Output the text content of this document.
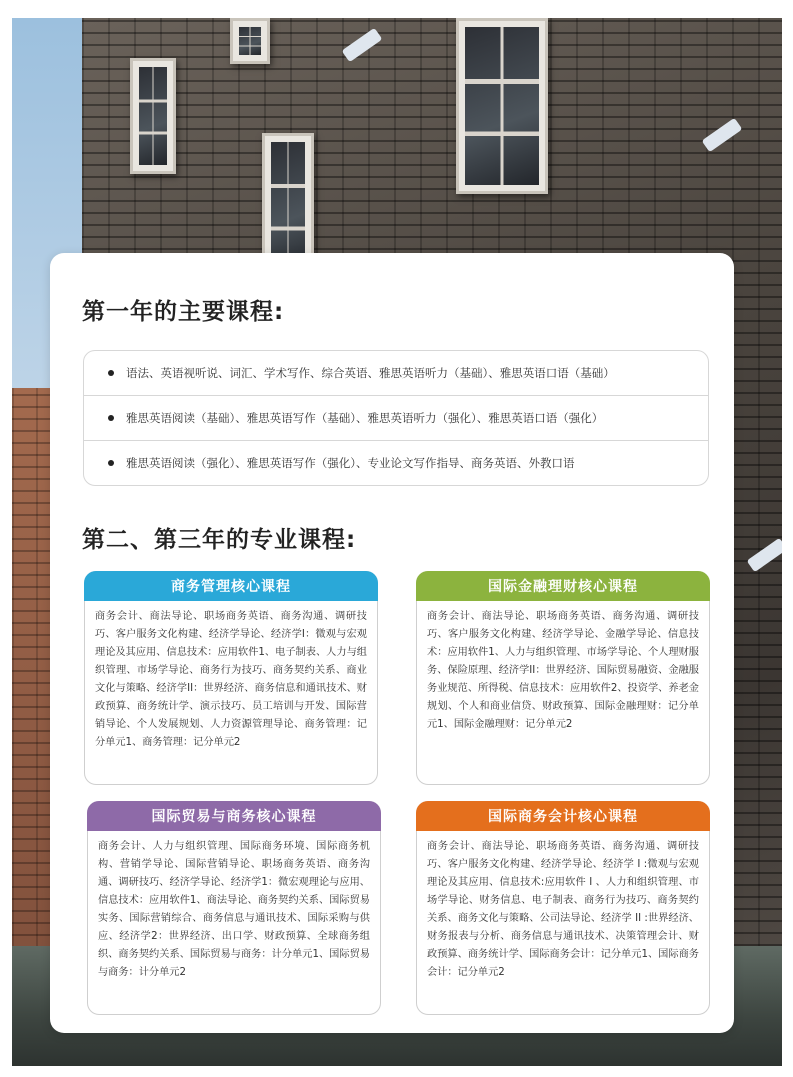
第一年的主要课程:
语法、英语视听说、词汇、学术写作、综合英语、雅思英语听力（基础）、雅思英语口语（基础）
雅思英语阅读（基础）、雅思英语写作（基础）、雅思英语听力（强化）、雅思英语口语（强化）
雅思英语阅读（强化）、雅思英语写作（强化）、专业论文写作指导、商务英语、外教口语
第二、第三年的专业课程:
商务管理核心课程
商务会计、商法导论、职场商务英语、商务沟通、调研技巧、客户服务文化构建、经济学导论、经济学I：微观与宏观理论及其应用、信息技术：应用软件1、电子制表、人力与组织管理、市场学导论、商务行为技巧、商务契约关系、商业文化与策略、经济学II：世界经济、商务信息和通讯技术、财政预算、商务统计学、演示技巧、员工培训与开发、国际营销导论、个人发展规划、人力资源管理导论、商务管理：记分单元1、商务管理：记分单元2
国际金融理财核心课程
商务会计、商法导论、职场商务英语、商务沟通、调研技巧、客户服务文化构建、经济学导论、金融学导论、信息技术：应用软件1、人力与组织管理、市场学导论、个人理财服务、保险原理、经济学II：世界经济、国际贸易融资、金融服务业规范、所得税、信息技术：应用软件2、投资学、养老金规划、个人和商业信贷、财政预算、国际金融理财：记分单元1、国际金融理财：记分单元2
国际贸易与商务核心课程
商务会计、人力与组织管理、国际商务环境、国际商务机构、营销学导论、国际营销导论、职场商务英语、商务沟通、调研技巧、经济学导论、经济学1：微宏观理论与应用、信息技术：应用软件1、商法导论、商务契约关系、国际贸易实务、国际营销综合、商务信息与通讯技术、国际采购与供应、经济学2：世界经济、出口学、财政预算、全球商务组织、商务契约关系、国际贸易与商务：计分单元1、国际贸易与商务：计分单元2
国际商务会计核心课程
商务会计、商法导论、职场商务英语、商务沟通、调研技巧、客户服务文化构建、经济学导论、经济学 I :微观与宏观理论及其应用、信息技术:应用软件 I 、人力和组织管理、市场学导论、财务信息、电子制表、商务行为技巧、商务契约关系、商务文化与策略、公司法导论、经济学 II :世界经济、财务报表与分析、商务信息与通讯技术、决策管理会计、财政预算、商务统计学、国际商务会计：记分单元1、国际商务会计：记分单元2
